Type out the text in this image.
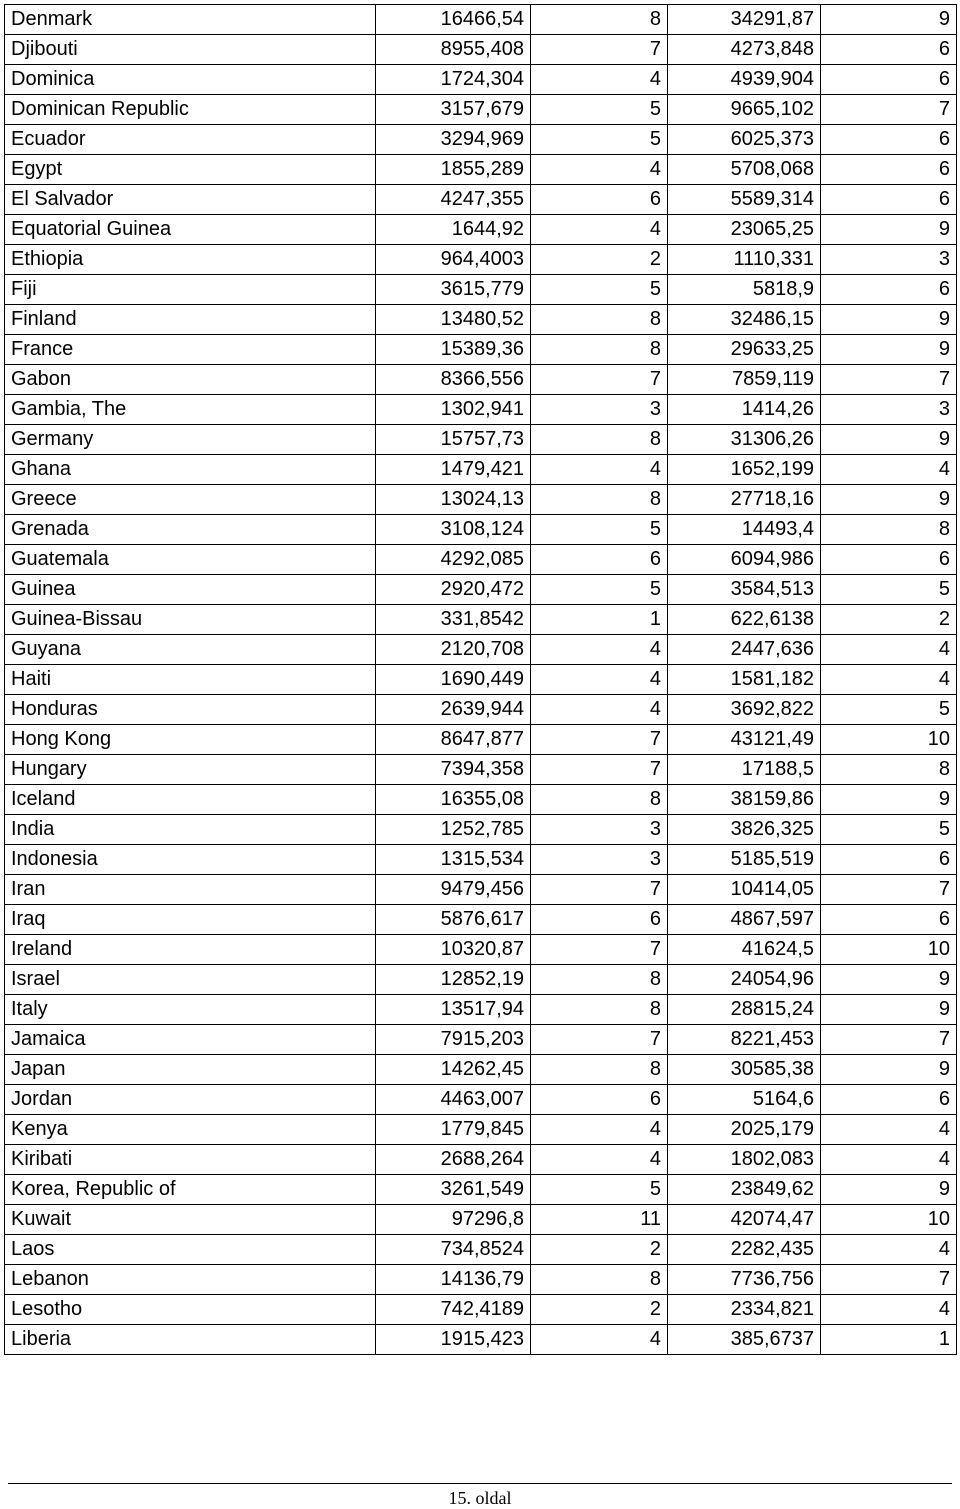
Denmark	16466,54	8	34291,87	9
Djibouti	8955,408	7	4273,848	6
Dominica	1724,304	4	4939,904	6
Dominican Republic	3157,679	5	9665,102	7
Ecuador	3294,969	5	6025,373	6
Egypt	1855,289	4	5708,068	6
El Salvador	4247,355	6	5589,314	6
Equatorial Guinea	1644,92	4	23065,25	9
Ethiopia	964,4003	2	1110,331	3
Fiji	3615,779	5	5818,9	6
Finland	13480,52	8	32486,15	9
France	15389,36	8	29633,25	9
Gabon	8366,556	7	7859,119	7
Gambia, The	1302,941	3	1414,26	3
Germany	15757,73	8	31306,26	9
Ghana	1479,421	4	1652,199	4
Greece	13024,13	8	27718,16	9
Grenada	3108,124	5	14493,4	8
Guatemala	4292,085	6	6094,986	6
Guinea	2920,472	5	3584,513	5
Guinea-Bissau	331,8542	1	622,6138	2
Guyana	2120,708	4	2447,636	4
Haiti	1690,449	4	1581,182	4
Honduras	2639,944	4	3692,822	5
Hong Kong	8647,877	7	43121,49	10
Hungary	7394,358	7	17188,5	8
Iceland	16355,08	8	38159,86	9
India	1252,785	3	3826,325	5
Indonesia	1315,534	3	5185,519	6
Iran	9479,456	7	10414,05	7
Iraq	5876,617	6	4867,597	6
Ireland	10320,87	7	41624,5	10
Israel	12852,19	8	24054,96	9
Italy	13517,94	8	28815,24	9
Jamaica	7915,203	7	8221,453	7
Japan	14262,45	8	30585,38	9
Jordan	4463,007	6	5164,6	6
Kenya	1779,845	4	2025,179	4
Kiribati	2688,264	4	1802,083	4
Korea, Republic of	3261,549	5	23849,62	9
Kuwait	97296,8	11	42074,47	10
Laos	734,8524	2	2282,435	4
Lebanon	14136,79	8	7736,756	7
Lesotho	742,4189	2	2334,821	4
Liberia	1915,423	4	385,6737	1
15. oldal
